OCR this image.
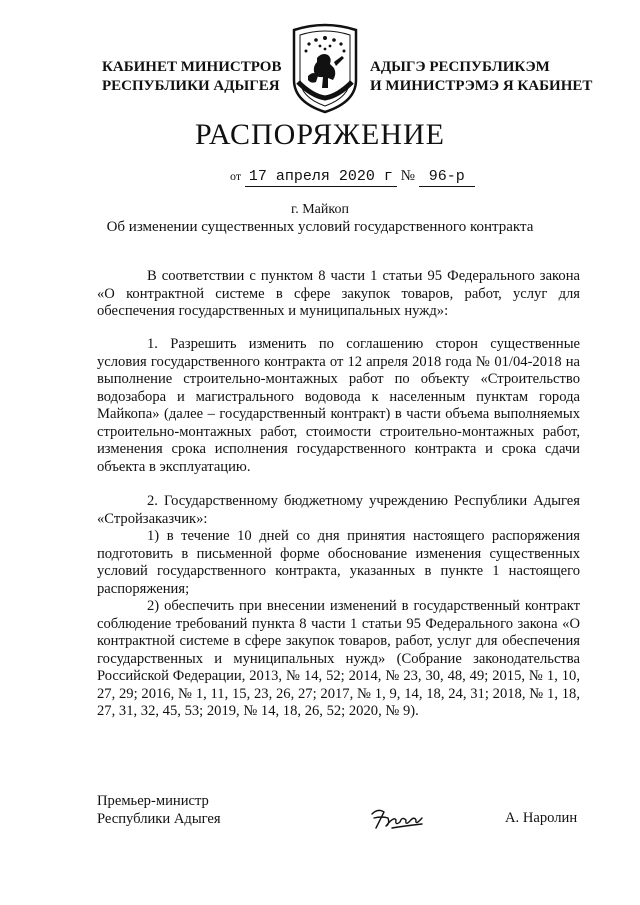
КАБИНЕТ МИНИСТРОВ
РЕСПУБЛИКИ АДЫГЕЯ
АДЫГЭ РЕСПУБЛИКЭМ
И МИНИСТРЭМЭ Я КАБИНЕТ
РАСПОРЯЖЕНИЕ
от 17 апреля 2020 г № 96-р
г. Майкоп
Об изменении существенных условий государственного контракта

В соответствии с пунктом 8 части 1 статьи 95 Федерального закона «О контрактной системе в сфере закупок товаров, работ, услуг для обеспечения государственных и муниципальных нужд»:

1. Разрешить изменить по соглашению сторон существенные условия государственного контракта от 12 апреля 2018 года № 01/04-2018 на выполнение строительно-монтажных работ по объекту «Строительство водозабора и магистрального водовода к населенным пунктам города Майкопа» (далее – государственный контракт) в части объема выполняемых строительно-монтажных работ, стоимости строительно-монтажных работ, изменения срока исполнения государственного контракта и срока сдачи объекта в эксплуатацию.

2. Государственному бюджетному учреждению Республики Адыгея «Стройзаказчик»:

1) в течение 10 дней со дня принятия настоящего распоряжения подготовить в письменной форме обоснование изменения существенных условий государственного контракта, указанных в пункте 1 настоящего распоряжения;

2) обеспечить при внесении изменений в государственный контракт соблюдение требований пункта 8 части 1 статьи 95 Федерального закона «О контрактной системе в сфере закупок товаров, работ, услуг для обеспечения государственных и муниципальных нужд» (Собрание законодательства Российской Федерации, 2013, № 14, 52; 2014, № 23, 30, 48, 49; 2015, № 1, 10, 27, 29; 2016, № 1, 11, 15, 23, 26, 27; 2017, № 1, 9, 14, 18, 24, 31; 2018, № 1, 18, 27, 31, 32, 45, 53; 2019, № 14, 18, 26, 52; 2020, № 9).

Премьер-министр
Республики Адыгея	А. Наролин
